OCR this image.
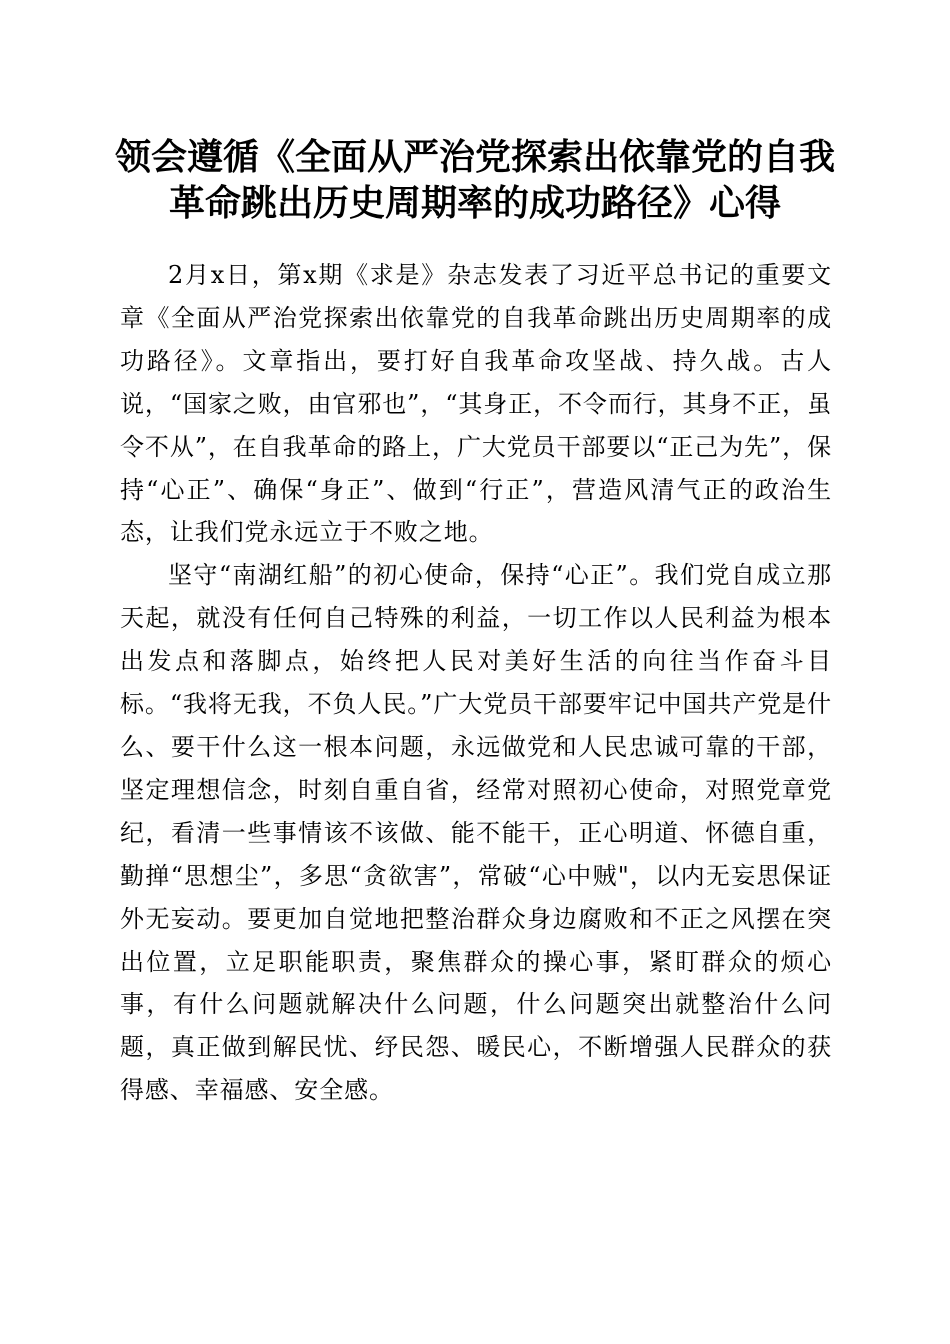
领会遵循《全面从严治党探索出依靠党的自我
革命跳出历史周期率的成功路径》心得

2月x日，第x期《求是》杂志发表了习近平总书记的重要文章《全面从严治党探索出依靠党的自我革命跳出历史周期率的成功路径》。文章指出，要打好自我革命攻坚战、持久战。古人说，“国家之败，由官邪也”，“其身正，不令而行，其身不正，虽令不从”，在自我革命的路上，广大党员干部要以“正己为先”，保持“心正”、确保“身正”、做到“行正”，营造风清气正的政治生态，让我们党永远立于不败之地。

坚守“南湖红船”的初心使命，保持“心正”。我们党自成立那天起，就没有任何自己特殊的利益，一切工作以人民利益为根本出发点和落脚点，始终把人民对美好生活的向往当作奋斗目标。“我将无我，不负人民。”广大党员干部要牢记中国共产党是什么、要干什么这一根本问题，永远做党和人民忠诚可靠的干部，坚定理想信念，时刻自重自省，经常对照初心使命，对照党章党纪，看清一些事情该不该做、能不能干，正心明道、怀德自重，勤掸“思想尘”，多思“贪欲害”，常破“心中贼"，以内无妄思保证外无妄动。要更加自觉地把整治群众身边腐败和不正之风摆在突出位置，立足职能职责，聚焦群众的操心事，紧盯群众的烦心事，有什么问题就解决什么问题，什么问题突出就整治什么问题，真正做到解民忧、纾民怨、暖民心，不断增强人民群众的获得感、幸福感、安全感。
